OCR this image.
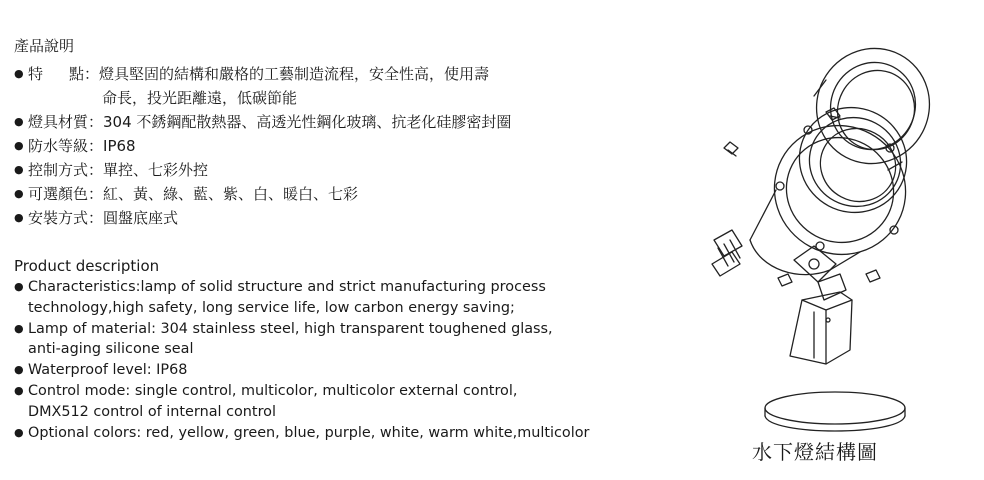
產品說明
● 特 點： 燈具堅固的結構和嚴格的工藝制造流程，安全性高，使用壽
命長，投光距離遠，低碳節能
● 燈具材質： 304 不銹鋼配散熱器、高透光性鋼化玻璃、抗老化硅膠密封圈
● 防水等級： IP68
● 控制方式： 單控、七彩外控
● 可選顏色： 紅、黃、綠、藍、紫、白、暖白、七彩
● 安裝方式： 圓盤底座式
Product description
● Characteristics:lamp of solid structure and strict manufacturing process
technology,high safety, long service life, low carbon energy saving;
● Lamp of material: 304 stainless steel, high transparent toughened glass,
anti-aging silicone seal
● Waterproof level: IP68
● Control mode: single control, multicolor, multicolor external control,
DMX512 control of internal control
● Optional colors: red, yellow, green, blue, purple, white, warm white,multicolor
水下燈結構圖
